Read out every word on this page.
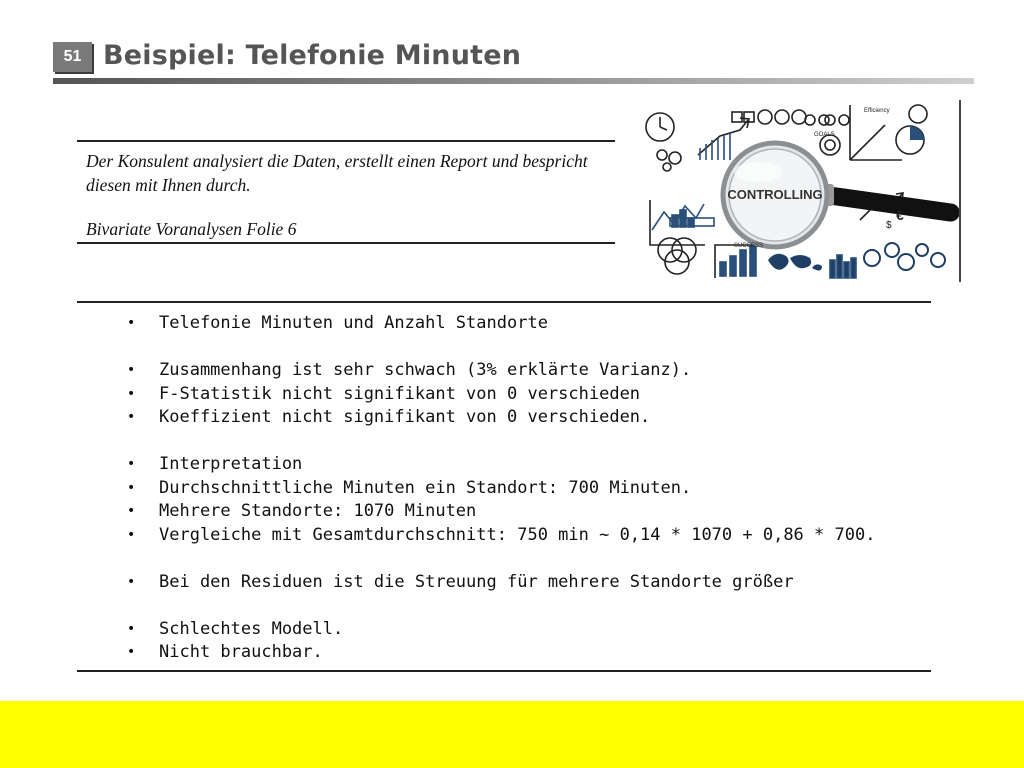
51 Beispiel: Telefonie Minuten

Der Konsulent analysiert die Daten, erstellt einen Report und bespricht diesen mit Ihnen durch.

Bivariate Voranalysen Folie 6

CONTROLLING
GOALS
Efficiency
SUCCESS
€
$
• Telefonie Minuten und Anzahl Standorte
• Zusammenhang ist sehr schwach (3% erklärte Varianz).
• F-Statistik nicht signifikant von 0 verschieden
• Koeffizient nicht signifikant von 0 verschieden.
• Interpretation
• Durchschnittliche Minuten ein Standort: 700 Minuten.
• Mehrere Standorte: 1070 Minuten
• Vergleiche mit Gesamtdurchschnitt: 750 min ~ 0,14 * 1070 + 0,86 * 700.
• Bei den Residuen ist die Streuung für mehrere Standorte größer
• Schlechtes Modell.
• Nicht brauchbar.
